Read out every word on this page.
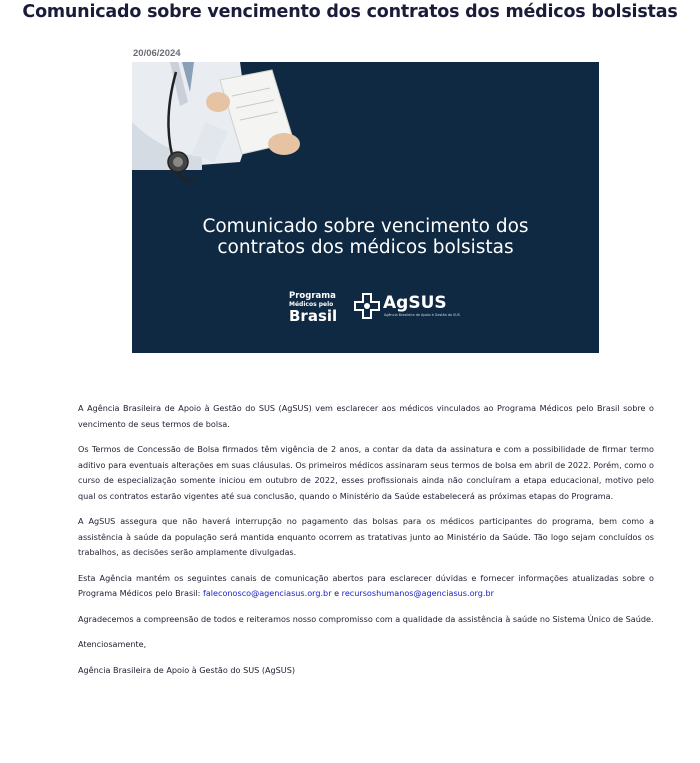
Comunicado sobre vencimento dos contratos dos médicos bolsistas
20/06/2024
Comunicado sobre vencimento dos
contratos dos médicos bolsistas
Programa
Médicos pelo
Brasil
AgSUS
Agência Brasileira de Apoio à Gestão do SUS

A Agência Brasileira de Apoio à Gestão do SUS (AgSUS) vem esclarecer aos médicos vinculados ao Programa Médicos pelo Brasil sobre o vencimento de seus termos de bolsa.

Os Termos de Concessão de Bolsa firmados têm vigência de 2 anos, a contar da data da assinatura e com a possibilidade de firmar termo aditivo para eventuais alterações em suas cláusulas. Os primeiros médicos assinaram seus termos de bolsa em abril de 2022. Porém, como o curso de especialização somente iniciou em outubro de 2022, esses profissionais ainda não concluíram a etapa educacional, motivo pelo qual os contratos estarão vigentes até sua conclusão, quando o Ministério da Saúde estabelecerá as próximas etapas do Programa.

A AgSUS assegura que não haverá interrupção no pagamento das bolsas para os médicos participantes do programa, bem como a assistência à saúde da população será mantida enquanto ocorrem as tratativas junto ao Ministério da Saúde. Tão logo sejam concluídos os trabalhos, as decisões serão amplamente divulgadas.

Esta Agência mantém os seguintes canais de comunicação abertos para esclarecer dúvidas e fornecer informações atualizadas sobre o Programa Médicos pelo Brasil: faleconosco@agenciasus.org.br e recursoshumanos@agenciasus.org.br

Agradecemos a compreensão de todos e reiteramos nosso compromisso com a qualidade da assistência à saúde no Sistema Único de Saúde.

Atenciosamente,

Agência Brasileira de Apoio à Gestão do SUS (AgSUS)
